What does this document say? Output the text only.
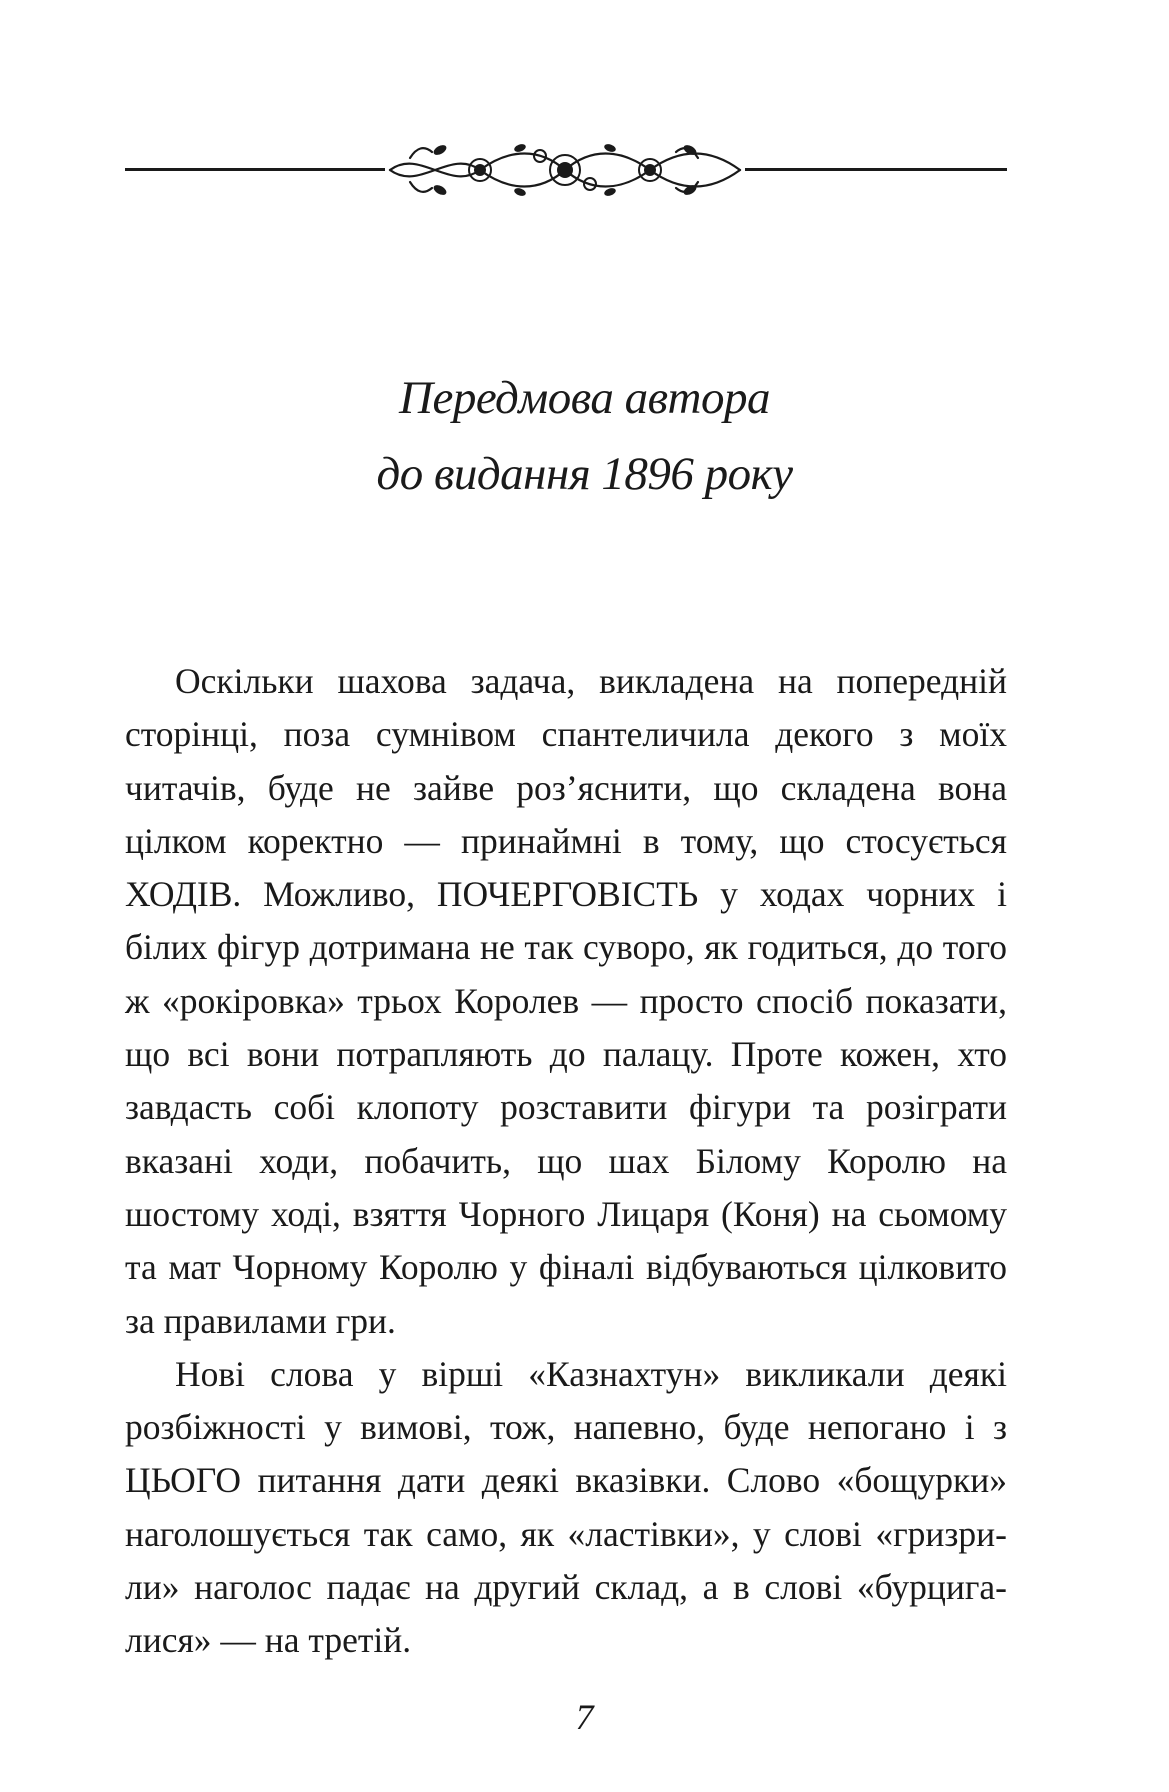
Передмова автора
до видання 1896 року

Оскільки шахова задача, викладена на попередній сторінці, поза сумнівом спантеличила декого з моїх читачів, буде не зайве роз’яснити, що складена вона цілком коректно — принаймні в тому, що стосується ХОДІВ. Можливо, ПОЧЕРГОВІСТЬ у ходах чорних і білих фігур дотримана не так суворо, як годиться, до того ж «рокіровка» трьох Королев — просто спосіб показати, що всі вони потрапляють до палацу. Проте кожен, хто завдасть собі клопоту розставити фігури та розіграти вказані ходи, побачить, що шах Білому Королю на шостому ході, взяття Чорного Лицаря (Коня) на сьомому та мат Чорному Королю у фіналі відбуваються цілковито за правилами гри.

Нові слова у вірші «Казнахтун» викликали деякі розбіжності у вимові, тож, напевно, буде непогано і з ЦЬОГО питання дати деякі вказівки. Слово «бощурки» наголошується так само, як «ластівки», у слові «гризрили» наголос падає на другий склад, а в слові «бурцигалися» — на третій.

7
